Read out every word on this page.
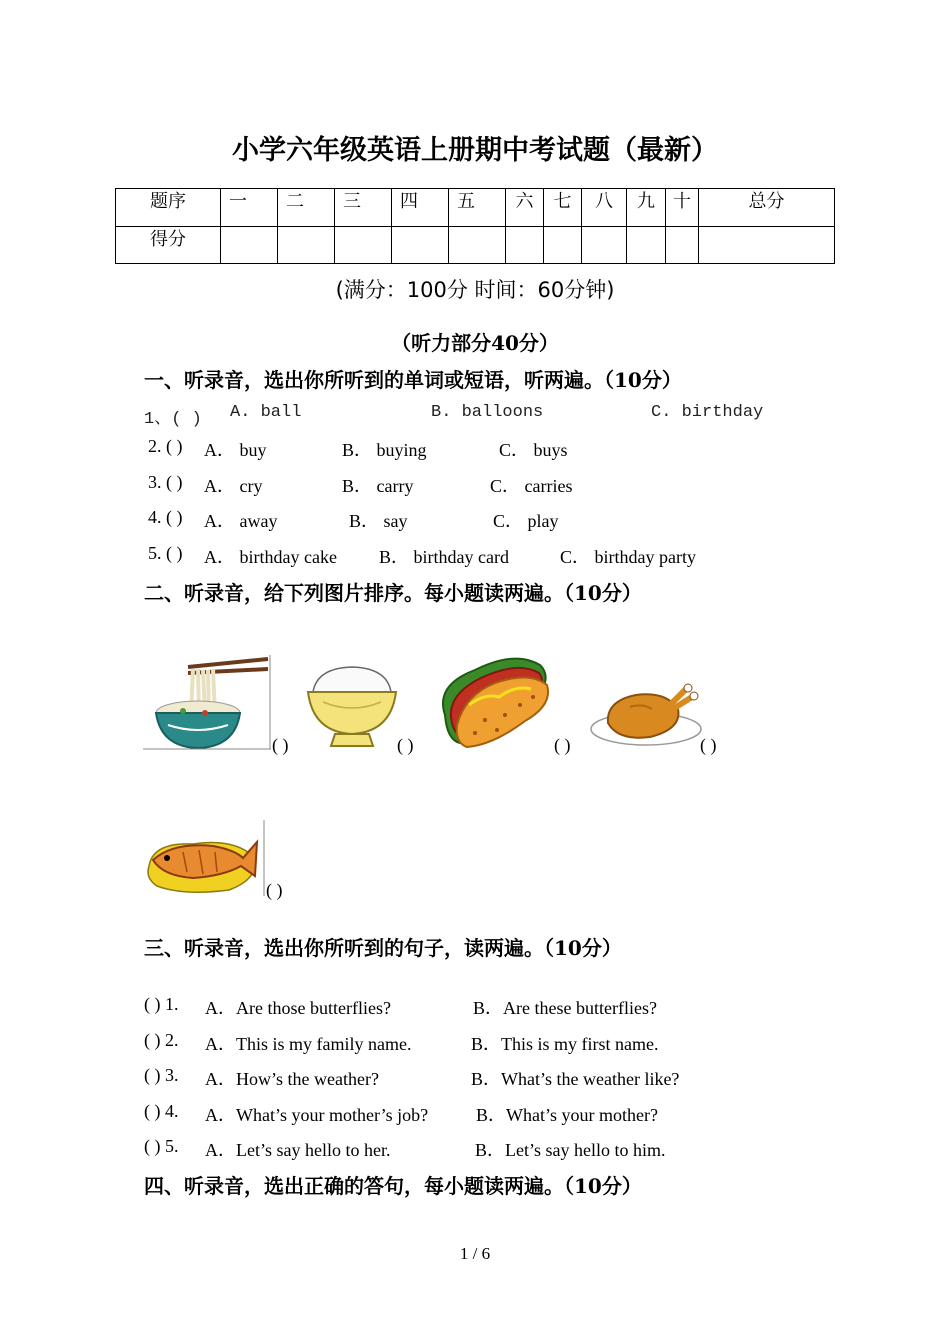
小学六年级英语上册期中考试题（最新）
题序	一	二	三	四	五	六	七	八	九	十	总分
得分											
(满分：100分 时间：60分钟)
（听力部分40分）
一、听录音，选出你所听到的单词或短语，听两遍。（10分）
1、( ) A. ball	B. balloons	C. birthday
2. ( ) A． buy	B． buying	C． buys
3. ( ) A． cry	B． carry	C． carries
4. ( ) A． away	B． say	C． play
5. ( ) A． birthday cake B． birthday card	C． birthday party
二、听录音，给下列图片排序。每小题读两遍。（10分）
( )	( )	( )	( )
( )
三、听录音，选出你所听到的句子，读两遍。（10分）
( ) 1. A．Are those butterflies?	B．Are these butterflies?
( ) 2. A．This is my family name.	B．This is my first name.
( ) 3. A．How’s the weather?	B．What’s the weather like?
( ) 4. A．What’s your mother’s job?	B．What’s your mother?
( ) 5. A．Let’s say hello to her.	B．Let’s say hello to him.
四、听录音，选出正确的答句，每小题读两遍。（10分）
1 / 6
